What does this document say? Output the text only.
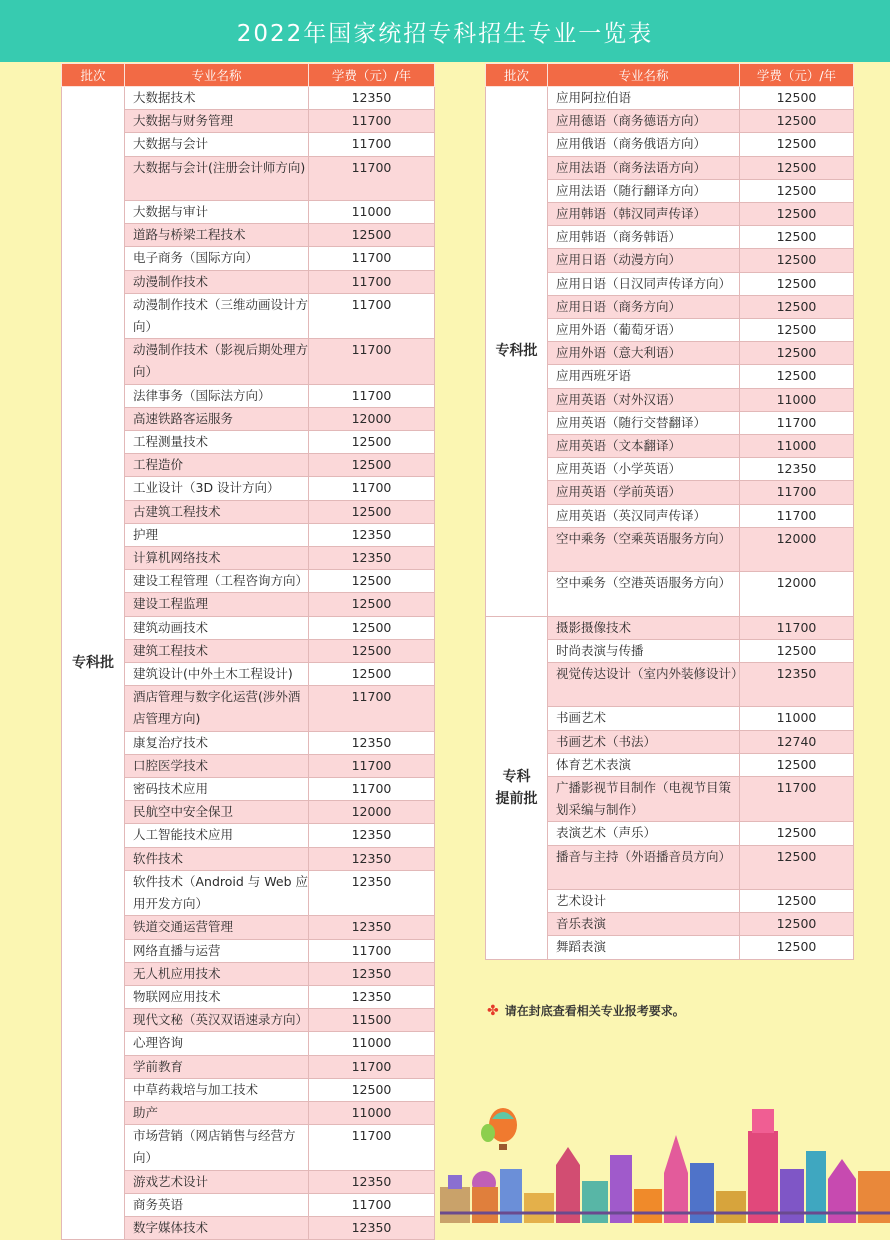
2022年国家统招专科招生专业一览表
批次	专业名称	学费（元）/年
专科批	大数据技术	12350
	大数据与财务管理	11700
	大数据与会计	11700
	大数据与会计(注册会计师方向)	11700
	大数据与审计	11000
	道路与桥梁工程技术	12500
	电子商务（国际方向）	11700
	动漫制作技术	11700
	动漫制作技术（三维动画设计方向）	11700
	动漫制作技术（影视后期处理方向）	11700
	法律事务（国际法方向）	11700
	高速铁路客运服务	12000
	工程测量技术	12500
	工程造价	12500
	工业设计（3D 设计方向）	11700
	古建筑工程技术	12500
	护理	12350
	计算机网络技术	12350
	建设工程管理（工程咨询方向）	12500
	建设工程监理	12500
	建筑动画技术	12500
	建筑工程技术	12500
	建筑设计(中外土木工程设计)	12500
	酒店管理与数字化运营(涉外酒店管理方向)	11700
	康复治疗技术	12350
	口腔医学技术	11700
	密码技术应用	11700
	民航空中安全保卫	12000
	人工智能技术应用	12350
	软件技术	12350
	软件技术（Android 与 Web 应用开发方向）	12350
	铁道交通运营管理	12350
	网络直播与运营	11700
	无人机应用技术	12350
	物联网应用技术	12350
	现代文秘（英汉双语速录方向）	11500
	心理咨询	11000
	学前教育	11700
	中草药栽培与加工技术	12500
	助产	11000
	市场营销（网店销售与经营方向）	11700
	游戏艺术设计	12350
	商务英语	11700
	数字媒体技术	12350
批次	专业名称	学费（元）/年
专科批	应用阿拉伯语	12500
	应用德语（商务德语方向）	12500
	应用俄语（商务俄语方向）	12500
	应用法语（商务法语方向）	12500
	应用法语（随行翻译方向）	12500
	应用韩语（韩汉同声传译）	12500
	应用韩语（商务韩语）	12500
	应用日语（动漫方向）	12500
	应用日语（日汉同声传译方向）	12500
	应用日语（商务方向）	12500
	应用外语（葡萄牙语）	12500
	应用外语（意大利语）	12500
	应用西班牙语	12500
	应用英语（对外汉语）	11000
	应用英语（随行交替翻译）	11700
	应用英语（文本翻译）	11000
	应用英语（小学英语）	12350
	应用英语（学前英语）	11700
	应用英语（英汉同声传译）	11700
	空中乘务（空乘英语服务方向）	12000
	空中乘务（空港英语服务方向）	12000
专科
提前批	摄影摄像技术	11700
	时尚表演与传播	12500
	视觉传达设计（室内外装修设计）	12350
	书画艺术	11000
	书画艺术（书法）	12740
	体育艺术表演	12500
	广播影视节目制作（电视节目策划采编与制作）	11700
	表演艺术（声乐）	12500
	播音与主持（外语播音员方向）	12500
	艺术设计	12500
	音乐表演	12500
	舞蹈表演	12500
✤ 请在封底查看相关专业报考要求。
